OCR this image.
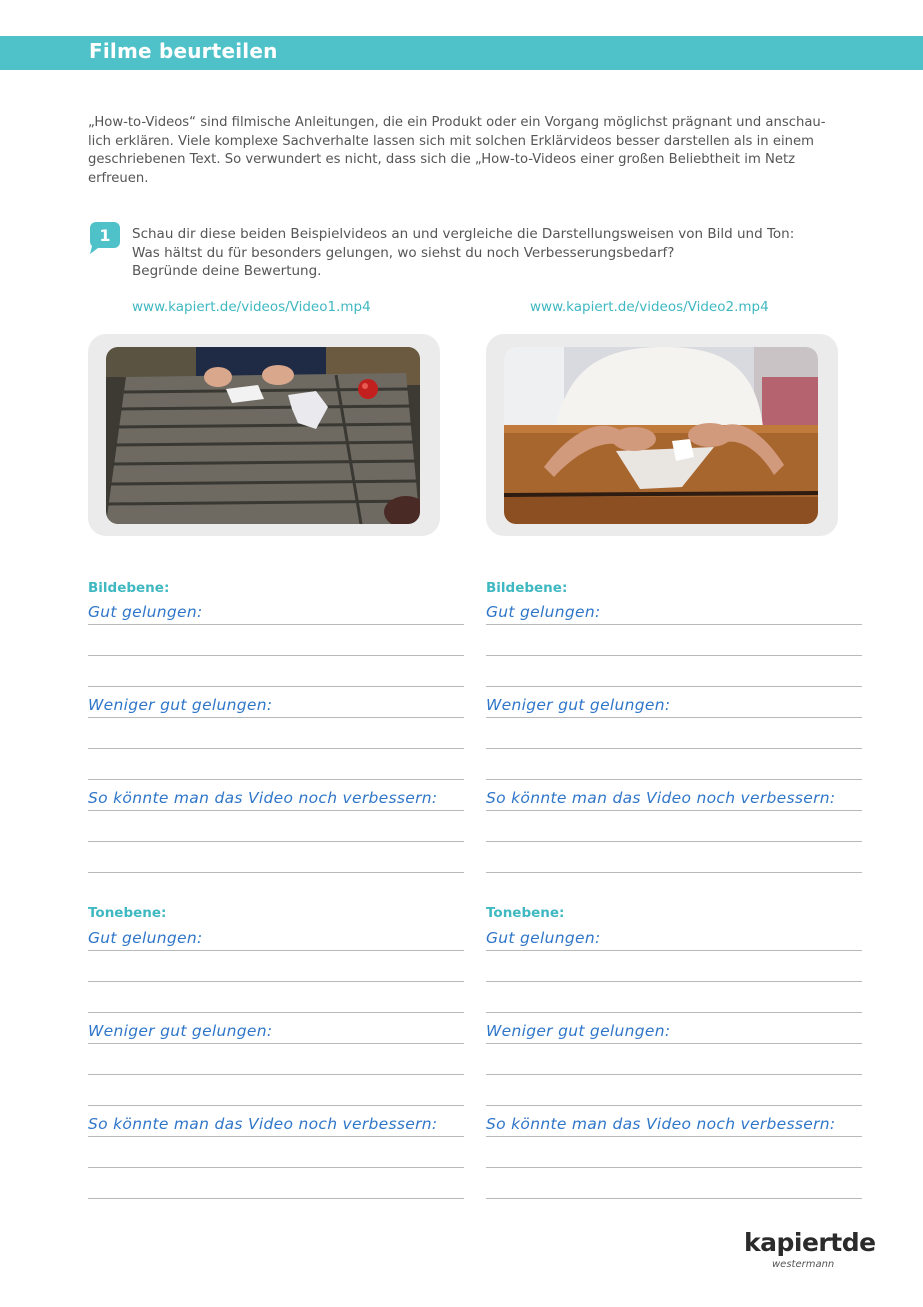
Filme beurteilen
„How-to-Videos“ sind filmische Anleitungen, die ein Produkt oder ein Vorgang möglichst prägnant und anschau-
lich erklären. Viele komplexe Sachverhalte lassen sich mit solchen Erklärvideos besser darstellen als in einem
geschriebenen Text. So verwundert es nicht, dass sich die „How-to-Videos einer großen Beliebtheit im Netz
erfreuen.
1 Schau dir diese beiden Beispielvideos an und vergleiche die Darstellungsweisen von Bild und Ton:
Was hältst du für besonders gelungen, wo siehst du noch Verbesserungsbedarf?
Begründe deine Bewertung.
www.kapiert.de/videos/Video1.mp4	www.kapiert.de/videos/Video2.mp4
Bildebene:
Gut gelungen:
Weniger gut gelungen:
So könnte man das Video noch verbessern:
Tonebene:
Gut gelungen:
Weniger gut gelungen:
So könnte man das Video noch verbessern:
Bildebene:
Gut gelungen:
Weniger gut gelungen:
So könnte man das Video noch verbessern:
Tonebene:
Gut gelungen:
Weniger gut gelungen:
So könnte man das Video noch verbessern:
kapiertde
westermann
